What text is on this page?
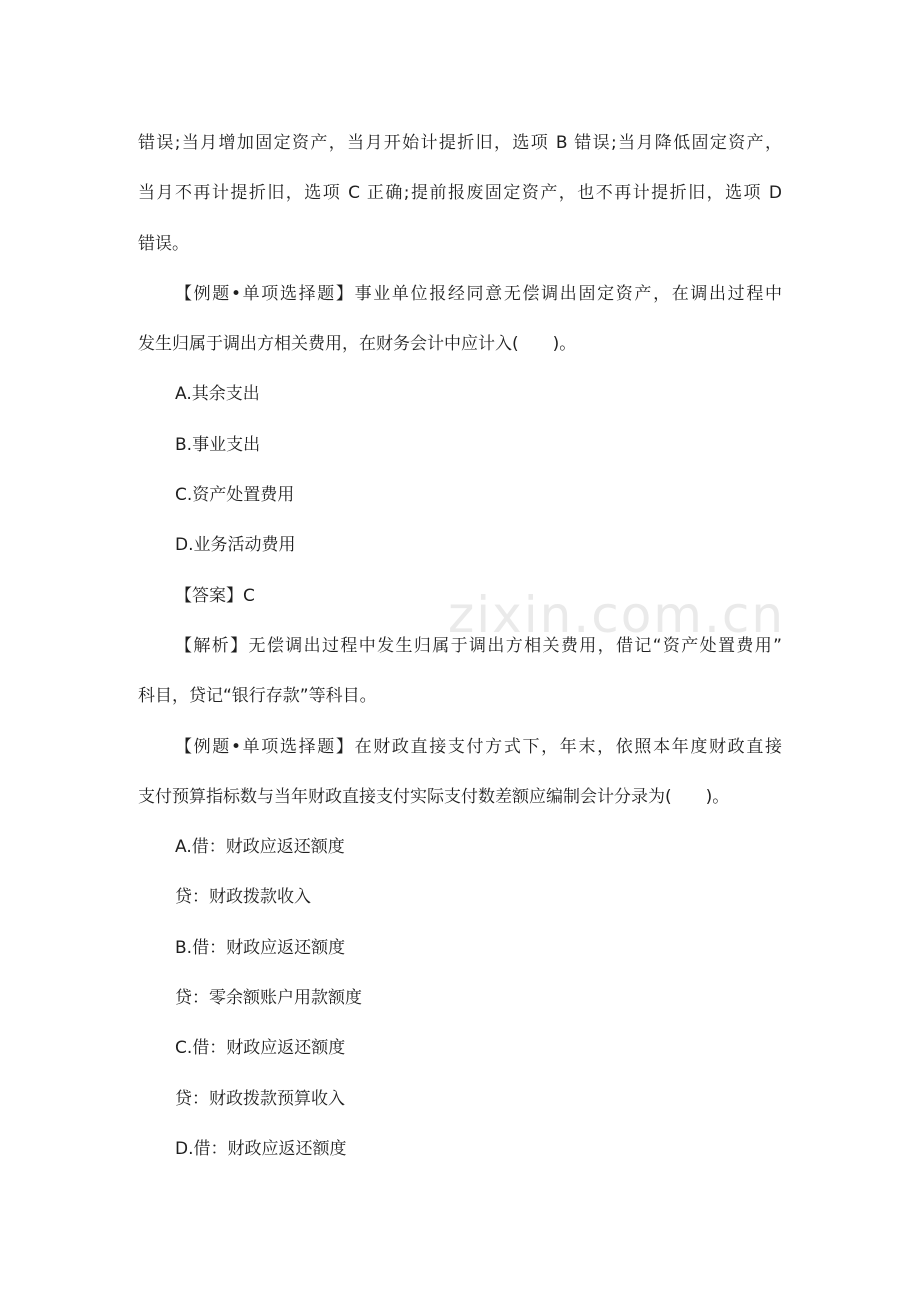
zixin.com.cn
错误;当月增加固定资产，当月开始计提折旧，选项 B 错误;当月降低固定资产，
当月不再计提折旧，选项 C 正确;提前报废固定资产，也不再计提折旧，选项 D
错误。
【例题•单项选择题】事业单位报经同意无偿调出固定资产，在调出过程中
发生归属于调出方相关费用，在财务会计中应计入(　　)。
A.其余支出
B.事业支出
C.资产处置费用
D.业务活动费用
【答案】C
【解析】无偿调出过程中发生归属于调出方相关费用，借记“资产处置费用”
科目，贷记“银行存款”等科目。
【例题•单项选择题】在财政直接支付方式下，年末，依照本年度财政直接
支付预算指标数与当年财政直接支付实际支付数差额应编制会计分录为(　　)。
A.借：财政应返还额度
贷：财政拨款收入
B.借：财政应返还额度
贷：零余额账户用款额度
C.借：财政应返还额度
贷：财政拨款预算收入
D.借：财政应返还额度
